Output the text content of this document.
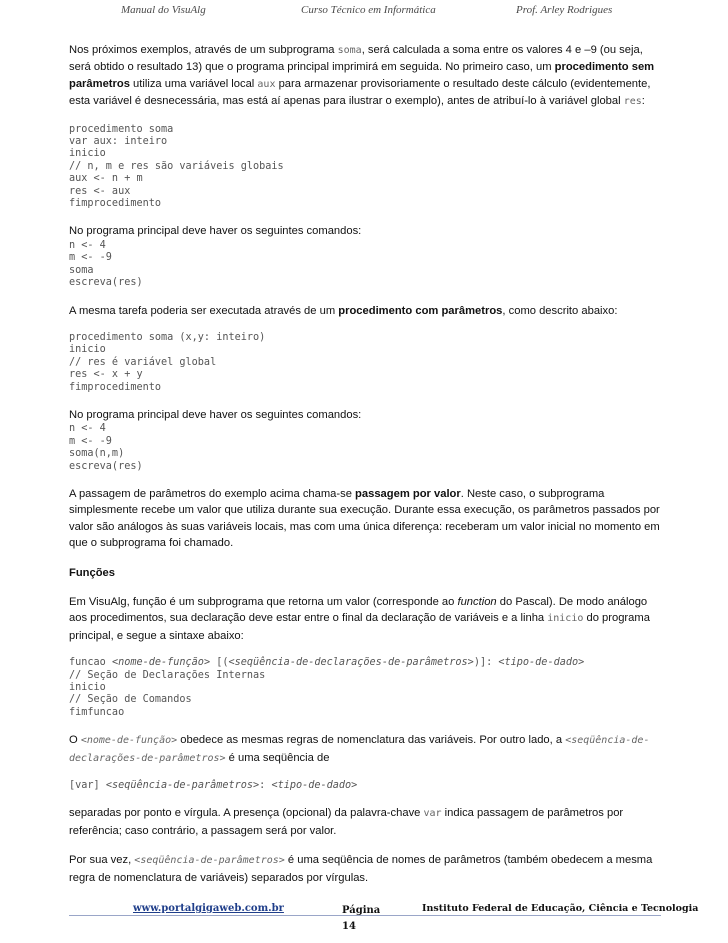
Manual do VisuAlg	Curso Técnico em Informática	Prof. Arley Rodrigues

Nos próximos exemplos, através de um subprograma soma, será calculada a soma entre os valores 4 e –9 (ou seja, será obtido o resultado 13) que o programa principal imprimirá em seguida. No primeiro caso, um procedimento sem parâmetros utiliza uma variável local aux para armazenar provisoriamente o resultado deste cálculo (evidentemente, esta variável é desnecessária, mas está aí apenas para ilustrar o exemplo), antes de atribuí-lo à variável global res:

procedimento soma
var aux: inteiro
inicio
// n, m e res são variáveis globais
aux <- n + m
res <- aux
fimprocedimento

No programa principal deve haver os seguintes comandos:

n <- 4
m <- -9
soma
escreva(res)

A mesma tarefa poderia ser executada através de um procedimento com parâmetros, como descrito abaixo:

procedimento soma (x,y: inteiro)
inicio
// res é variável global
res <- x + y
fimprocedimento

No programa principal deve haver os seguintes comandos:

n <- 4
m <- -9
soma(n,m)
escreva(res)

A passagem de parâmetros do exemplo acima chama-se passagem por valor. Neste caso, o subprograma simplesmente recebe um valor que utiliza durante sua execução. Durante essa execução, os parâmetros passados por valor são análogos às suas variáveis locais, mas com uma única diferença: receberam um valor inicial no momento em que o subprograma foi chamado.

Funções

Em VisuAlg, função é um subprograma que retorna um valor (corresponde ao function do Pascal). De modo análogo aos procedimentos, sua declaração deve estar entre o final da declaração de variáveis e a linha inicio do programa principal, e segue a sintaxe abaixo:

funcao <nome-de-função> [(<seqüência-de-declarações-de-parâmetros>)]: <tipo-de-dado>
// Seção de Declarações Internas
inicio
// Seção de Comandos
fimfuncao

O <nome-de-função> obedece as mesmas regras de nomenclatura das variáveis. Por outro lado, a <seqüência-de-declarações-de-parâmetros> é uma seqüência de

[var] <seqüência-de-parâmetros>: <tipo-de-dado>

separadas por ponto e vírgula. A presença (opcional) da palavra-chave var indica passagem de parâmetros por referência; caso contrário, a passagem será por valor.

Por sua vez, <seqüência-de-parâmetros> é uma seqüência de nomes de parâmetros (também obedecem a mesma regra de nomenclatura de variáveis) separados por vírgulas.

www.portalgigaweb.com.br	Página 14
Instituto Federal de Educação, Ciência e Tecnologia
